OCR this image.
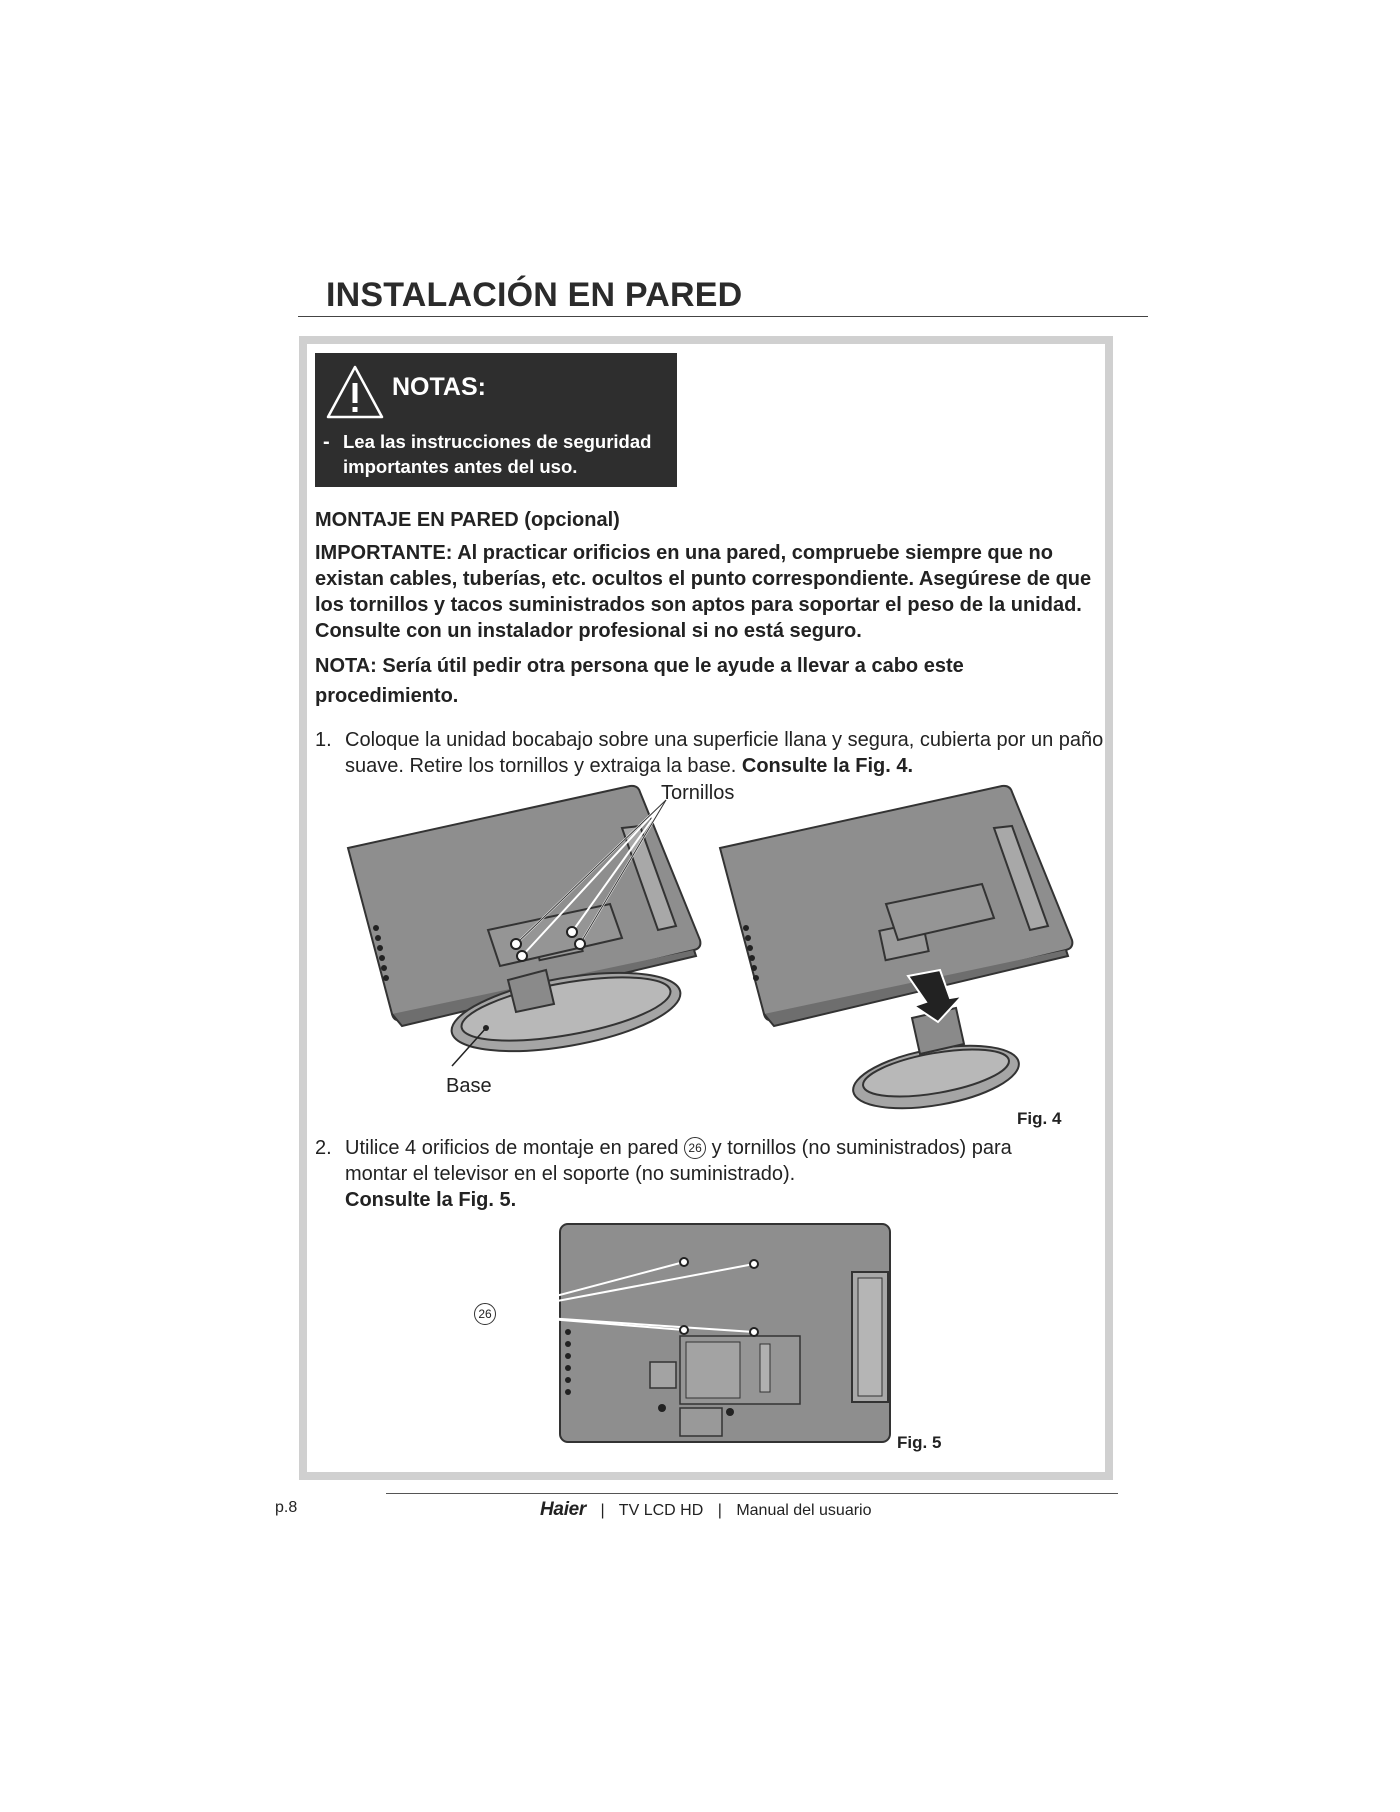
INSTALACIÓN EN PARED
NOTAS:
- Lea las instrucciones de seguridad importantes antes del uso.
MONTAJE EN PARED (opcional)
IMPORTANTE: Al practicar orificios en una pared, compruebe siempre que no existan cables, tuberías, etc. ocultos el punto correspondiente. Asegúrese de que los tornillos y tacos suministrados son aptos para soportar el peso de la unidad. Consulte con un instalador profesional si no está seguro.
NOTA: Sería útil pedir otra persona que le ayude a llevar a cabo este procedimiento.
1. Coloque la unidad bocabajo sobre una superficie llana y segura, cubierta por un paño suave. Retire los tornillos y extraiga la base. Consulte la Fig. 4.
Tornillos
Base
Fig. 4
2. Utilice 4 orificios de montaje en pared 26 y tornillos (no suministrados) para montar el televisor en el soporte (no suministrado).
Consulte la Fig. 5.
26
Fig. 5
p.8	Haier | TV LCD HD | Manual del usuario
